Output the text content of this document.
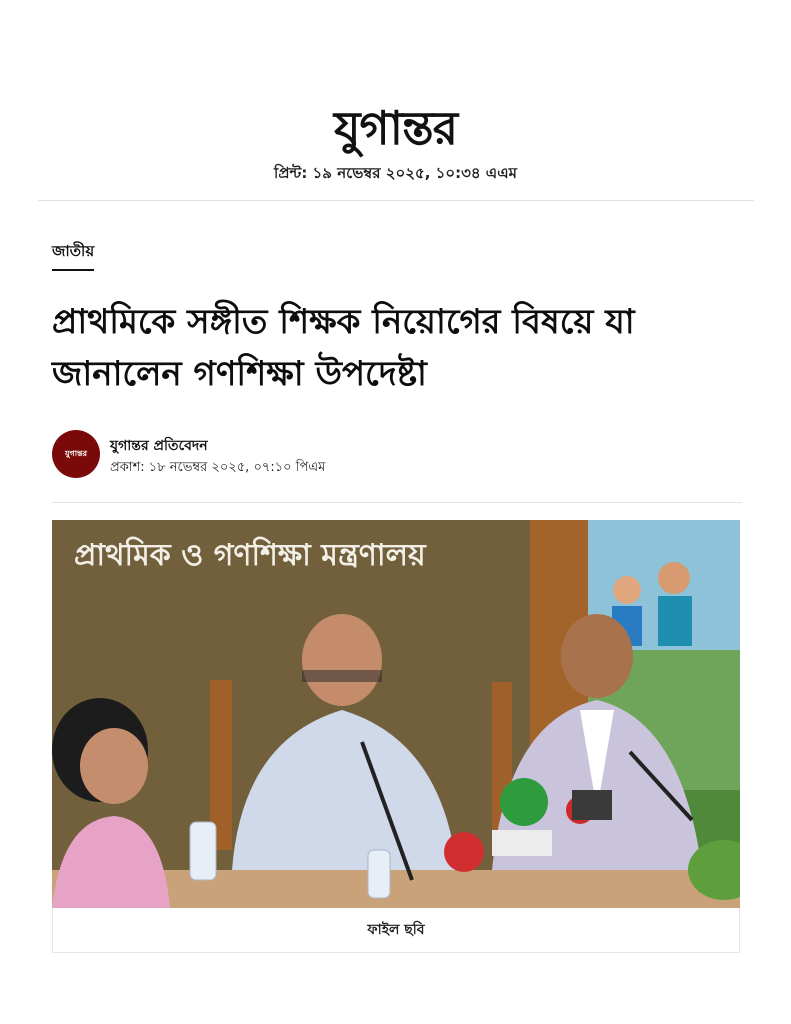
যুগান্তর
প্রিন্ট: ১৯ নভেম্বর ২০২৫, ১০:৩৪ এএম
জাতীয়
প্রাথমিকে সঙ্গীত শিক্ষক নিয়োগের বিষয়ে যা জানালেন গণশিক্ষা উপদেষ্টা
যুগান্তর যুগান্তর প্রতিবেদন
প্রকাশ: ১৮ নভেম্বর ২০২৫, ০৭:১০ পিএম
প্রাথমিক ও গণশিক্ষা মন্ত্রণালয়
ফাইল ছবি
